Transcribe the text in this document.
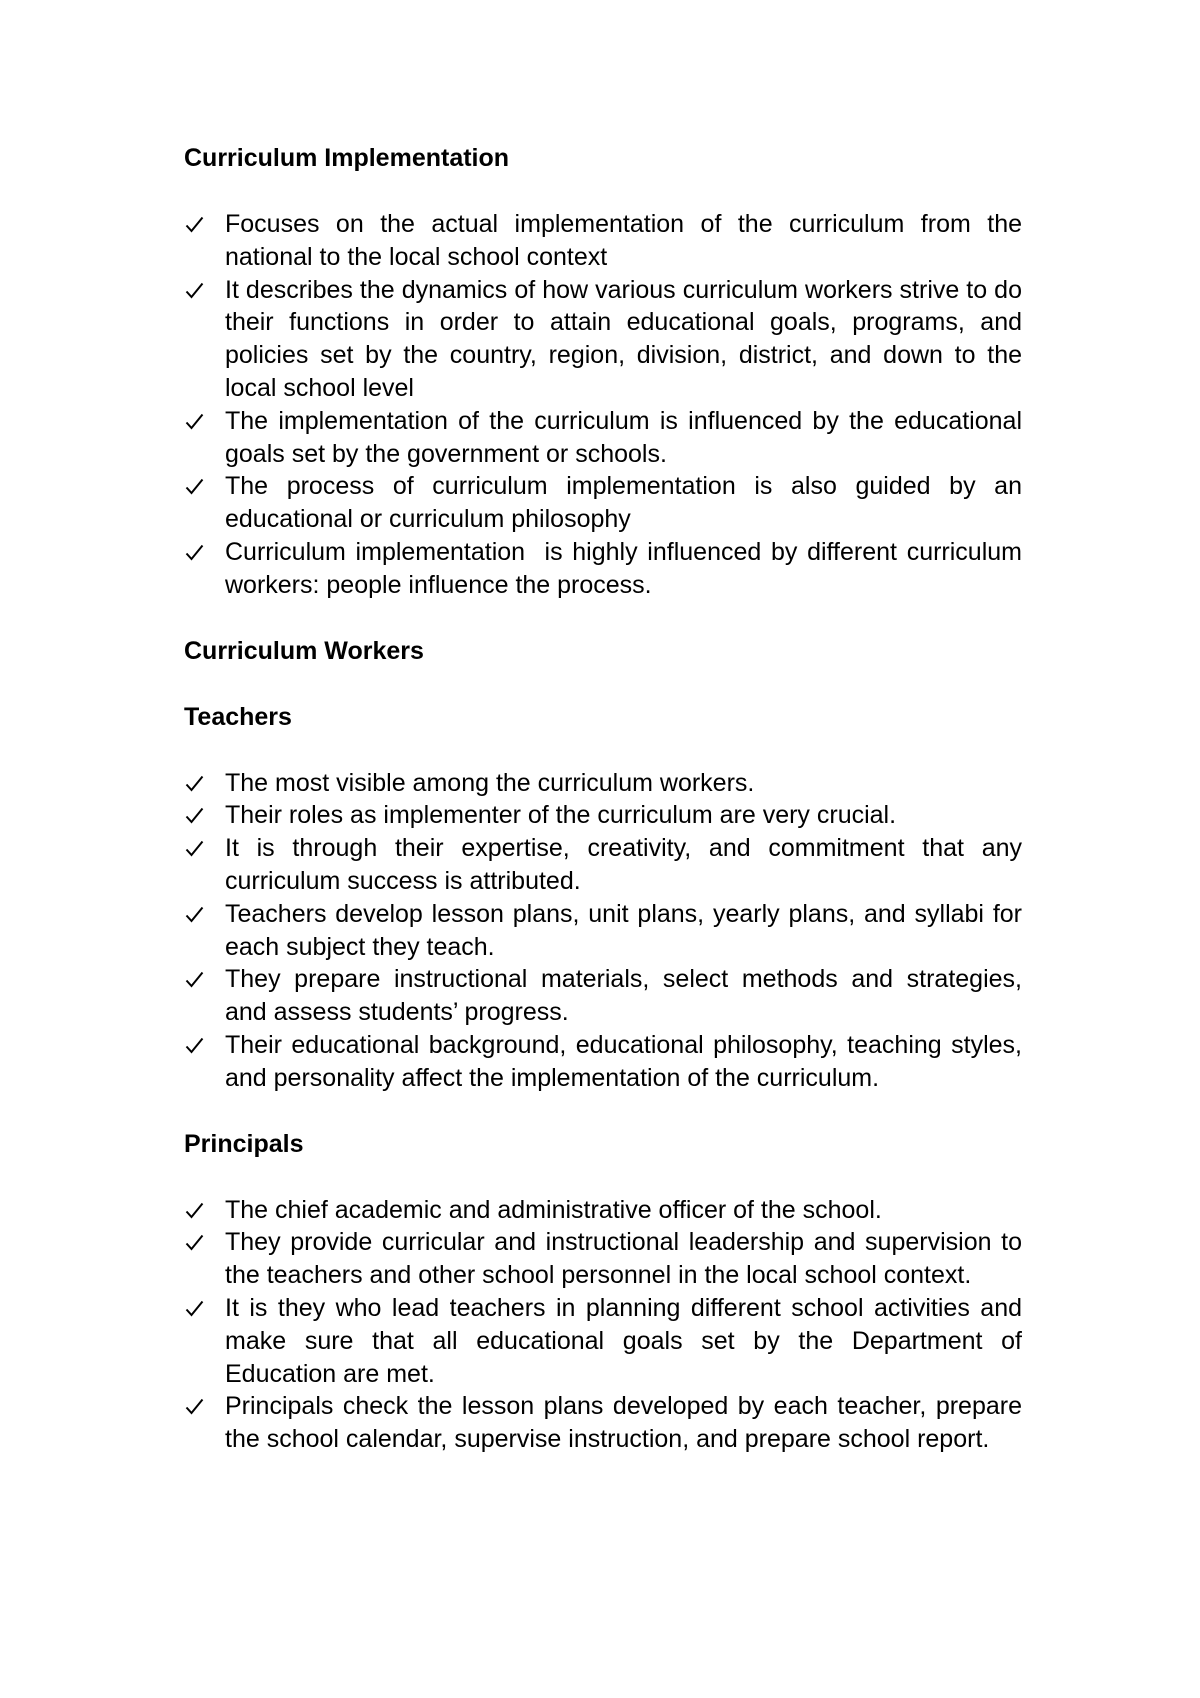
Curriculum Implementation
Focuses on the actual implementation of the curriculum from the national to the local school context
It describes the dynamics of how various curriculum workers strive to do their functions in order to attain educational goals, programs, and policies set by the country, region, division, district, and down to the local school level
The implementation of the curriculum is influenced by the educational goals set by the government or schools.
The process of curriculum implementation is also guided by an educational or curriculum philosophy
Curriculum implementation  is highly influenced by different curriculum workers: people influence the process.
Curriculum Workers
Teachers
The most visible among the curriculum workers.
Their roles as implementer of the curriculum are very crucial.
It is through their expertise, creativity, and commitment that any curriculum success is attributed.
Teachers develop lesson plans, unit plans, yearly plans, and syllabi for each subject they teach.
They prepare instructional materials, select methods and strategies, and assess students’ progress.
Their educational background, educational philosophy, teaching styles, and personality affect the implementation of the curriculum.
Principals
The chief academic and administrative officer of the school.
They provide curricular and instructional leadership and supervision to the teachers and other school personnel in the local school context.
It is they who lead teachers in planning different school activities and make sure that all educational goals set by the Department of Education are met.
Principals check the lesson plans developed by each teacher, prepare the school calendar, supervise instruction, and prepare school report.
